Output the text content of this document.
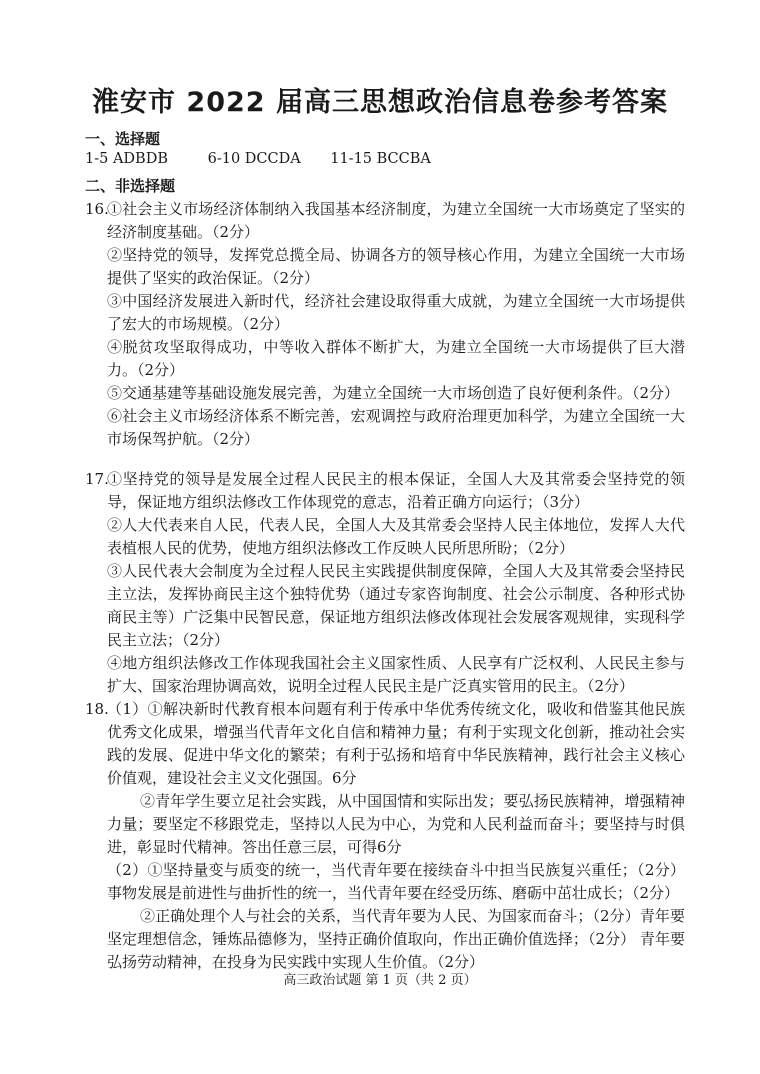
淮安市 2022 届高三思想政治信息卷参考答案
一、选择题
1-5 ADBDB	6-10 DCCDA 11-15 BCCBA
二、非选择题
16.

①社会主义市场经济体制纳入我国基本经济制度，为建立全国统一大市场奠定了坚实的经济制度基础。（2分）

②坚持党的领导，发挥党总揽全局、协调各方的领导核心作用，为建立全国统一大市场提供了坚实的政治保证。（2分）

③中国经济发展进入新时代，经济社会建设取得重大成就，为建立全国统一大市场提供了宏大的市场规模。（2分）

④脱贫攻坚取得成功，中等收入群体不断扩大，为建立全国统一大市场提供了巨大潜力。（2分）

⑤交通基建等基础设施发展完善，为建立全国统一大市场创造了良好便利条件。（2分）

⑥社会主义市场经济体系不断完善，宏观调控与政府治理更加科学，为建立全国统一大市场保驾护航。（2分）

17.

①坚持党的领导是发展全过程人民民主的根本保证，全国人大及其常委会坚持党的领导，保证地方组织法修改工作体现党的意志，沿着正确方向运行；（3分）

②人大代表来自人民，代表人民，全国人大及其常委会坚持人民主体地位，发挥人大代表植根人民的优势，使地方组织法修改工作反映人民所思所盼；（2分）

③人民代表大会制度为全过程人民民主实践提供制度保障，全国人大及其常委会坚持民主立法，发挥协商民主这个独特优势（通过专家咨询制度、社会公示制度、各种形式协商民主等）广泛集中民智民意，保证地方组织法修改体现社会发展客观规律，实现科学民主立法；（2分）

④地方组织法修改工作体现我国社会主义国家性质、人民享有广泛权利、人民民主参与扩大、国家治理协调高效，说明全过程人民民主是广泛真实管用的民主。（2分）

18.

（1）①解决新时代教育根本问题有利于传承中华优秀传统文化，吸收和借鉴其他民族优秀文化成果，增强当代青年文化自信和精神力量；有利于实现文化创新，推动社会实践的发展、促进中华文化的繁荣；有利于弘扬和培育中华民族精神，践行社会主义核心价值观，建设社会主义文化强国。6分

②青年学生要立足社会实践，从中国国情和实际出发；要弘扬民族精神，增强精神力量；要坚定不移跟党走，坚持以人民为中心，为党和人民利益而奋斗；要坚持与时俱进，彰显时代精神。答出任意三层，可得6分

（2）①坚持量变与质变的统一，当代青年要在接续奋斗中担当民族复兴重任；（2分）事物发展是前进性与曲折性的统一，当代青年要在经受历练、磨砺中茁壮成长；（2分）

②正确处理个人与社会的关系，当代青年要为人民、为国家而奋斗；（2分）青年要坚定理想信念，锤炼品德修为，坚持正确价值取向，作出正确价值选择；（2分） 青年要弘扬劳动精神，在投身为民实践中实现人生价值。（2分）

高三政治试题 第 1 页（共 2 页）
